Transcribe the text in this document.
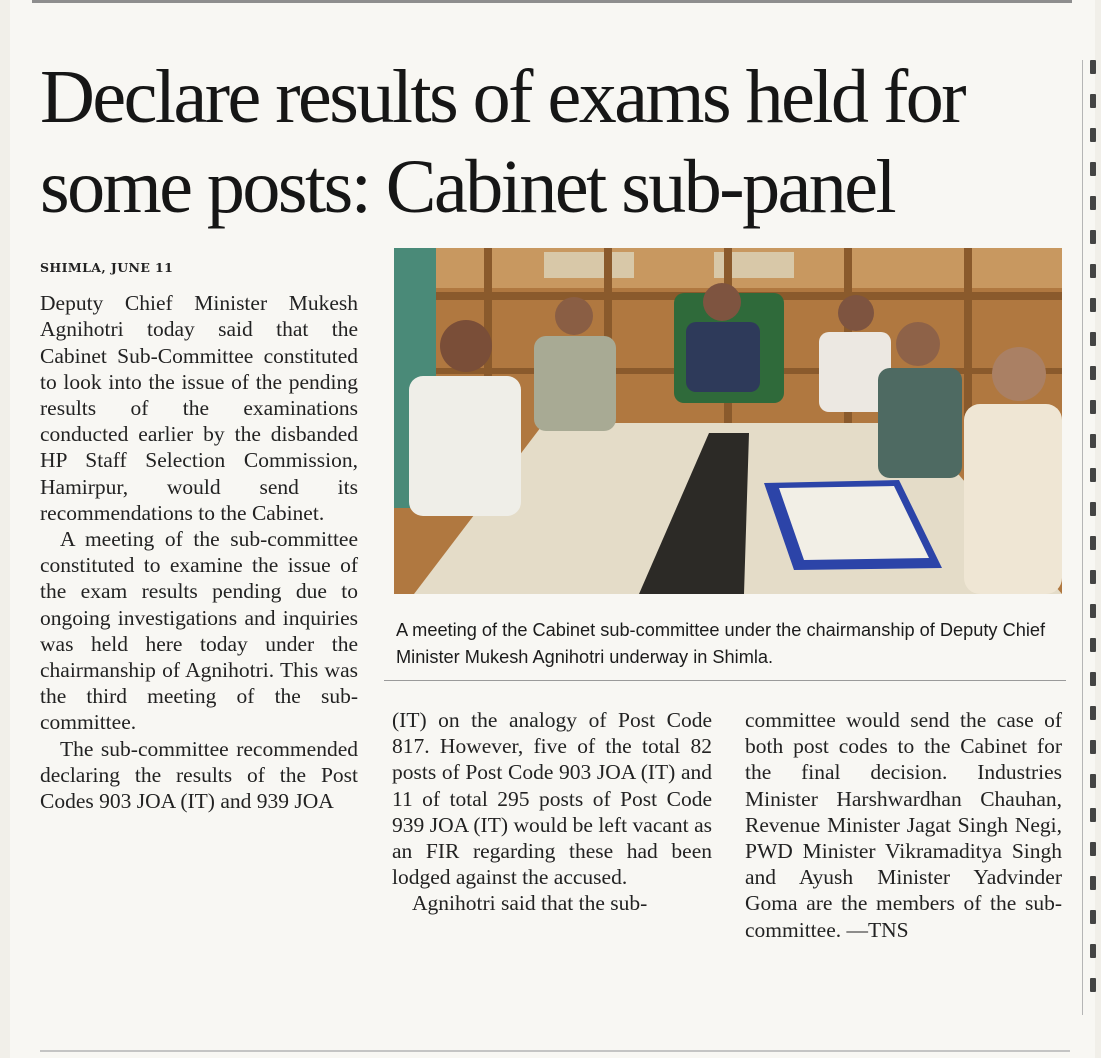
Declare results of exams held for some posts: Cabinet sub-panel
SHIMLA, JUNE 11

Deputy Chief Minister Mukesh Agnihotri today said that the Cabinet Sub-Committee constituted to look into the issue of the pending results of the examinations conducted earlier by the disbanded HP Staff Selection Commission, Hamirpur, would send its recommendations to the Cabinet.

A meeting of the sub-committee constituted to examine the issue of the exam results pending due to ongoing investigations and inquiries was held here today under the chairmanship of Agnihotri. This was the third meeting of the sub-committee.

The sub-committee recommended declaring the results of the Post Codes 903 JOA (IT) and 939 JOA

A meeting of the Cabinet sub-committee under the chairmanship of Deputy Chief Minister Mukesh Agnihotri underway in Shimla.

(IT) on the analogy of Post Code 817. However, five of the total 82 posts of Post Code 903 JOA (IT) and 11 of total 295 posts of Post Code 939 JOA (IT) would be left vacant as an FIR regarding these had been lodged against the accused.

Agnihotri said that the sub-

committee would send the case of both post codes to the Cabinet for the final decision. Industries Minister Harshwardhan Chauhan, Revenue Minister Jagat Singh Negi, PWD Minister Vikramaditya Singh and Ayush Minister Yadvinder Goma are the members of the sub-committee. —TNS
